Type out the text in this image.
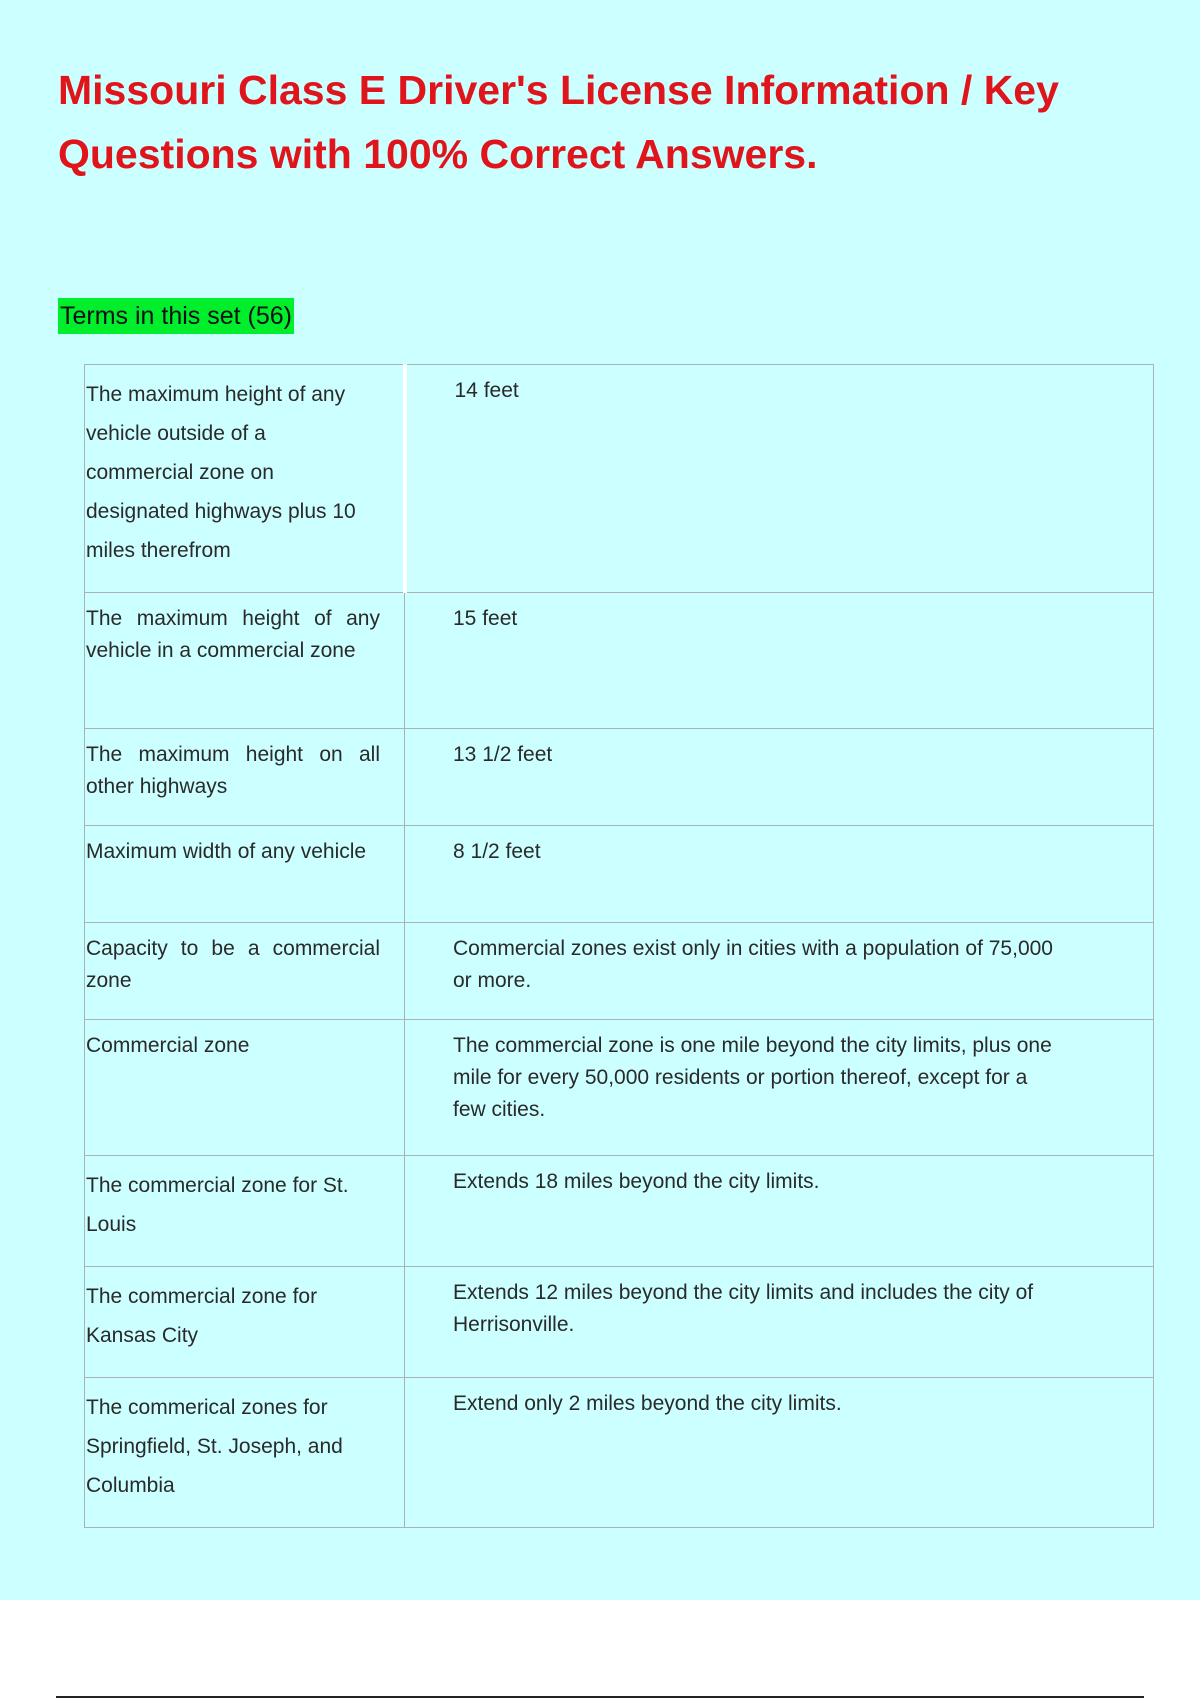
Missouri Class E Driver's License Information / Key Questions with 100% Correct Answers.
Terms in this set (56)
The maximum height of any vehicle outside of a commercial zone on designated highways plus 10 miles therefrom	14 feet
The maximum height of any vehicle in a commercial zone	15 feet
The maximum height on all other highways	13 1/2 feet
Maximum width of any vehicle	8 1/2 feet
Capacity to be a commercial zone	Commercial zones exist only in cities with a population of 75,000 or more.
Commercial zone	The commercial zone is one mile beyond the city limits, plus one mile for every 50,000 residents or portion thereof, except for a few cities.
The commercial zone for St. Louis	Extends 18 miles beyond the city limits.
The commercial zone for Kansas City	Extends 12 miles beyond the city limits and includes the city of Herrisonville.
The commerical zones for Springfield, St. Joseph, and Columbia	Extend only 2 miles beyond the city limits.
